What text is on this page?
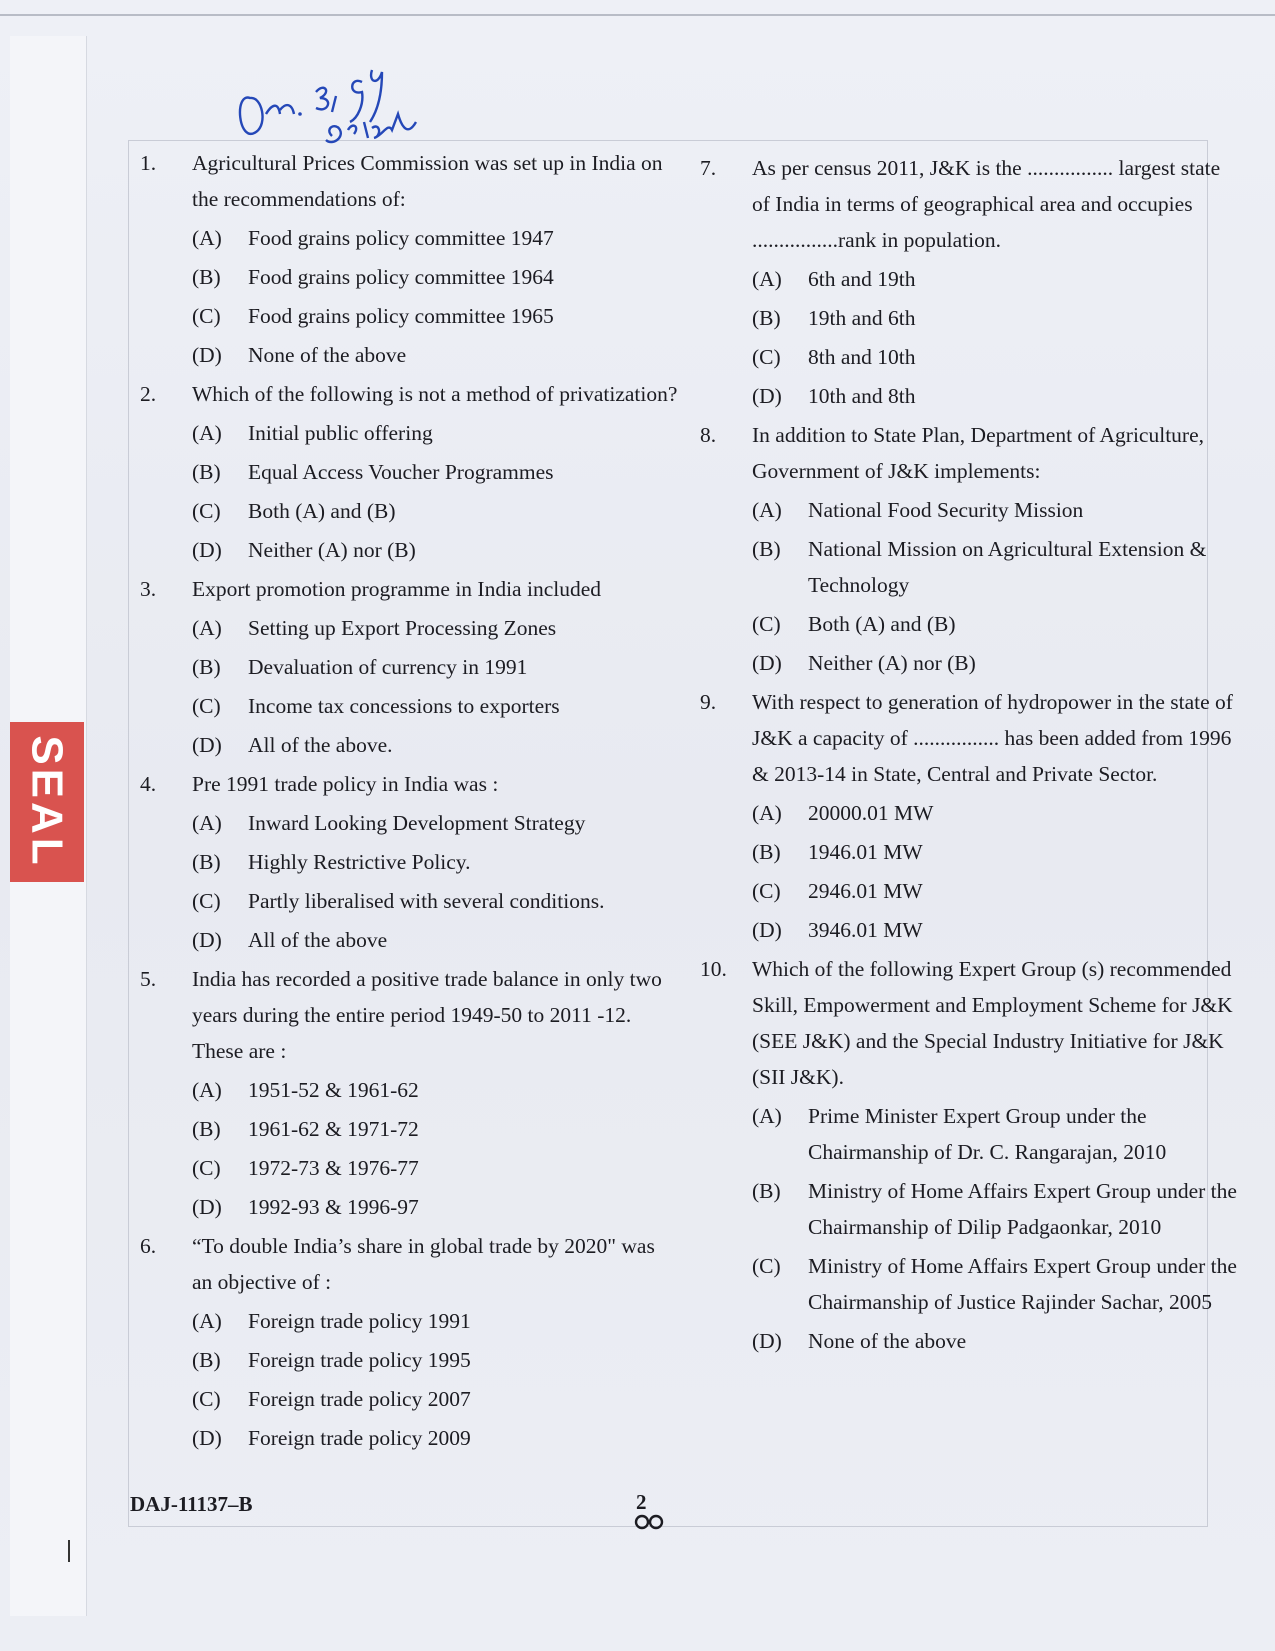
SEAL
1.	Agricultural Prices Commission was set up in India on the recommendations of:
(A)	Food grains policy committee 1947
(B)	Food grains policy committee 1964
(C)	Food grains policy committee 1965
(D)	None of the above
2.	Which of the following is not a method of privatization?
(A)	Initial public offering
(B)	Equal Access Voucher Programmes
(C)	Both (A) and (B)
(D)	Neither (A) nor (B)
3.	Export promotion programme in India included
(A)	Setting up Export Processing Zones
(B)	Devaluation of currency in 1991
(C)	Income tax concessions to exporters
(D)	All of the above.
4.	Pre 1991 trade policy in India was :
(A)	Inward Looking Development Strategy
(B)	Highly Restrictive Policy.
(C)	Partly liberalised with several conditions.
(D)	All of the above
5.	India has recorded a positive trade balance in only two years during the entire period 1949-50 to 2011 -12. These are :
(A)	1951-52 & 1961-62
(B)	1961-62 & 1971-72
(C)	1972-73 & 1976-77
(D)	1992-93 & 1996-97
6.	“To double India’s share in global trade by 2020" was an objective of :
(A)	Foreign trade policy 1991
(B)	Foreign trade policy 1995
(C)	Foreign trade policy 2007
(D)	Foreign trade policy 2009
7.	As per census 2011, J&K is the ................ largest state of India in terms of geographical area and occupies ................rank in population.
(A)	6th and 19th
(B)	19th and 6th
(C)	8th and 10th
(D)	10th and 8th
8.	In addition to State Plan, Department of Agriculture, Government of J&K implements:
(A)	National Food Security Mission
(B)	National Mission on Agricultural Extension & Technology
(C)	Both (A) and (B)
(D)	Neither (A) nor (B)
9.	With respect to generation of hydropower in the state of J&K a capacity of ................ has been added from 1996 & 2013-14 in State, Central and Private Sector.
(A)	20000.01 MW
(B)	1946.01 MW
(C)	2946.01 MW
(D)	3946.01 MW
10.	Which of the following Expert Group (s) recommended Skill, Empowerment and Employment Scheme for J&K (SEE J&K) and the Special Industry Initiative for J&K (SII J&K).
(A)	Prime Minister Expert Group under the Chairmanship of Dr. C. Rangarajan, 2010
(B)	Ministry of Home Affairs Expert Group under the Chairmanship of Dilip Padgaonkar, 2010
(C)	Ministry of Home Affairs Expert Group under the Chairmanship of Justice Rajinder Sachar, 2005
(D)	None of the above
DAJ-11137–B	2
